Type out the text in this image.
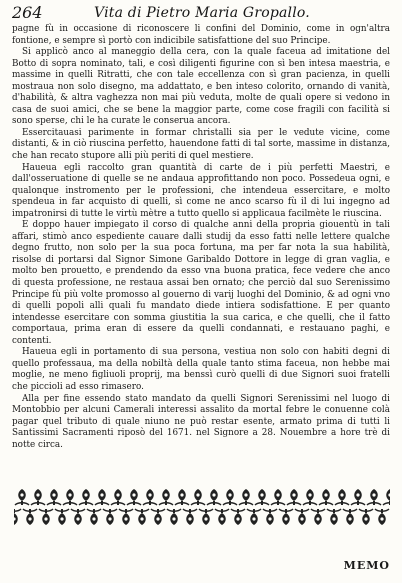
264	Vita di Pietro Maria Gropallo.

pagne fù in occasione di riconoscere li confini del Dominio, come in ogn'altra fontione, e sempre sì portò con indicibile satisfattione del suo Principe.

Si applicò anco al maneggio della cera, con la quale faceua ad imitatione del Botto di sopra nominato, tali, e così diligenti figurine con sì ben intesa maestria, e massime in quelli Ritratti, che con tale eccellenza con sì gran pacienza, in quelli mostraua non solo disegno, ma addattato, e ben inteso colorito, ornando di vanità, d'habilità, & altra vaghezza non mai più veduta, molte de quali opere si vedono in casa de suoi amici, che se bene la maggior parte, come cose fragili con facilità si sono sperse, chi le ha curate le conserua ancora.

Essercitauasi parimente in formar christalli sia per le vedute vicine, come distanti, & in ciò riuscina perfetto, hauendone fatti di tal sorte, massime in distanza, che han recato stupore alli più periti di quel mestiere.

Haueua egli raccolto gran quantità di carte de i più perfetti Maestri, e dall'osseruatione di quelle se ne andaua approfittando non poco. Possedeua ogni, e qualonque instromento per le professioni, che intendeua essercitare, e molto spendeua in far acquisto di quelli, sì come ne anco scarso fù il di lui ingegno ad impatronirsi di tutte le virtù mètre a tutto quello si applicaua facilmète le riuscina.

E doppo hauer impiegato il corso di qualche anni della propria giouentù in tali affari, stimò anco espediente cauare dalli studij da esso fatti nelle lettere qualche degno frutto, non solo per la sua poca fortuna, ma per far nota la sua habilità, risolse di portarsi dal Signor Simone Garibaldo Dottore in legge di gran vaglia, e molto ben prouetto, e prendendo da esso vna buona pratica, fece vedere che anco di questa professione, ne restaua assai ben ornato; che perciò dal suo Serenissimo Principe fù più volte promosso al gouerno di varij luoghi del Dominio, & ad ogni vno di quelli popoli alli quali fu mandato diede intiera sodisfattione. E per quanto intendesse esercitare con somma giustitia la sua carica, e che quelli, che il fatto comportaua, prima eran di essere da quelli condannati, e restauano paghi, e contenti.

Haueua egli in portamento di sua persona, vestiua non solo con habiti degni di quello professaua, ma della nobiltà della quale tanto stima faceua, non hebbe mai moglie, ne meno figliuoli proprij, ma benssì curò quelli di due Signori suoi fratelli che piccioli ad esso rimasero.

Alla per fine essendo stato mandato da quelli Signori Serenissimi nel luogo di Montobbio per alcuni Camerali interessi assalito da mortal febre le conuenne colà pagar quel tributo di quale niuno ne può restar esente, armato prima di tutti li Santissimi Sacramenti riposò del 1671. nel Signore a 28. Nouembre a hore trè di notte circa.

MEMO
